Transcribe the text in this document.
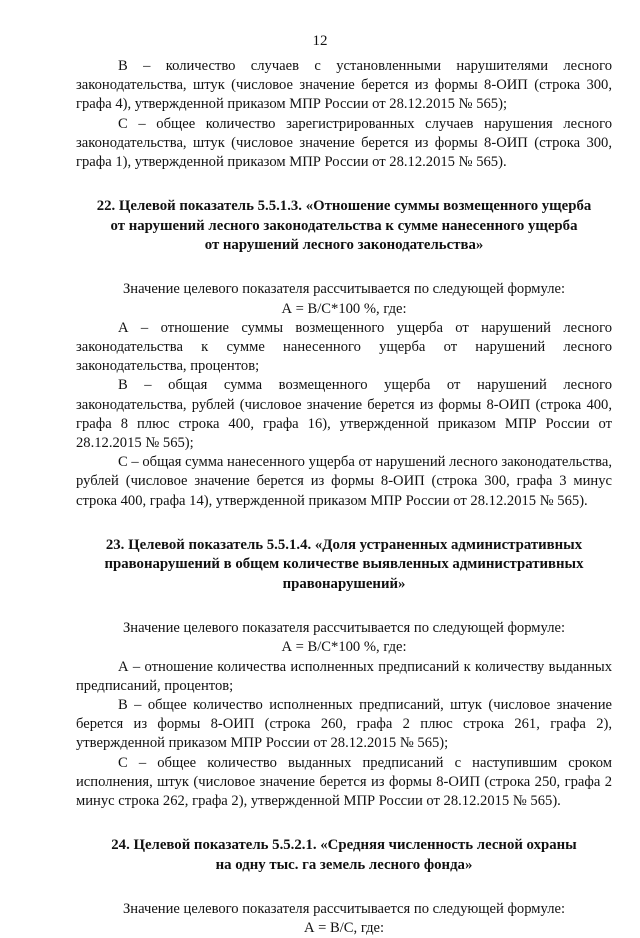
12

В – количество случаев с установленными нарушителями лесного законодательства, штук (числовое значение берется из формы 8-ОИП (строка 300, графа 4), утвержденной приказом МПР России от 28.12.2015 № 565);

С – общее количество зарегистрированных случаев нарушения лесного законодательства, штук (числовое значение берется из формы 8-ОИП (строка 300, графа 1), утвержденной приказом МПР России от 28.12.2015 № 565).

22. Целевой показатель 5.5.1.3. «Отношение суммы возмещенного ущерба
от нарушений лесного законодательства к сумме нанесенного ущерба
от нарушений лесного законодательства»

Значение целевого показателя рассчитывается по следующей формуле:

А = В/С*100 %, где:

А – отношение суммы возмещенного ущерба от нарушений лесного законодательства к сумме нанесенного ущерба от нарушений лесного законодательства, процентов;

В – общая сумма возмещенного ущерба от нарушений лесного законодательства, рублей (числовое значение берется из формы 8-ОИП (строка 400, графа 8 плюс строка 400, графа 16), утвержденной приказом МПР России от 28.12.2015 № 565);

С – общая сумма нанесенного ущерба от нарушений лесного законодательства, рублей (числовое значение берется из формы 8-ОИП (строка 300, графа 3 минус строка 400, графа 14), утвержденной приказом МПР России от 28.12.2015 № 565).

23. Целевой показатель 5.5.1.4. «Доля устраненных административных
правонарушений в общем количестве выявленных административных
правонарушений»

Значение целевого показателя рассчитывается по следующей формуле:

А = В/С*100 %, где:

А – отношение количества исполненных предписаний к количеству выданных предписаний, процентов;

В – общее количество исполненных предписаний, штук (числовое значение берется из формы 8-ОИП (строка 260, графа 2 плюс строка 261, графа 2), утвержденной приказом МПР России от 28.12.2015 № 565);

С – общее количество выданных предписаний с наступившим сроком исполнения, штук (числовое значение берется из формы 8-ОИП (строка 250, графа 2 минус строка 262, графа 2), утвержденной МПР России от 28.12.2015 № 565).

24. Целевой показатель 5.5.2.1. «Средняя численность лесной охраны
на одну тыс. га земель лесного фонда»

Значение целевого показателя рассчитывается по следующей формуле:

А = В/С, где:
